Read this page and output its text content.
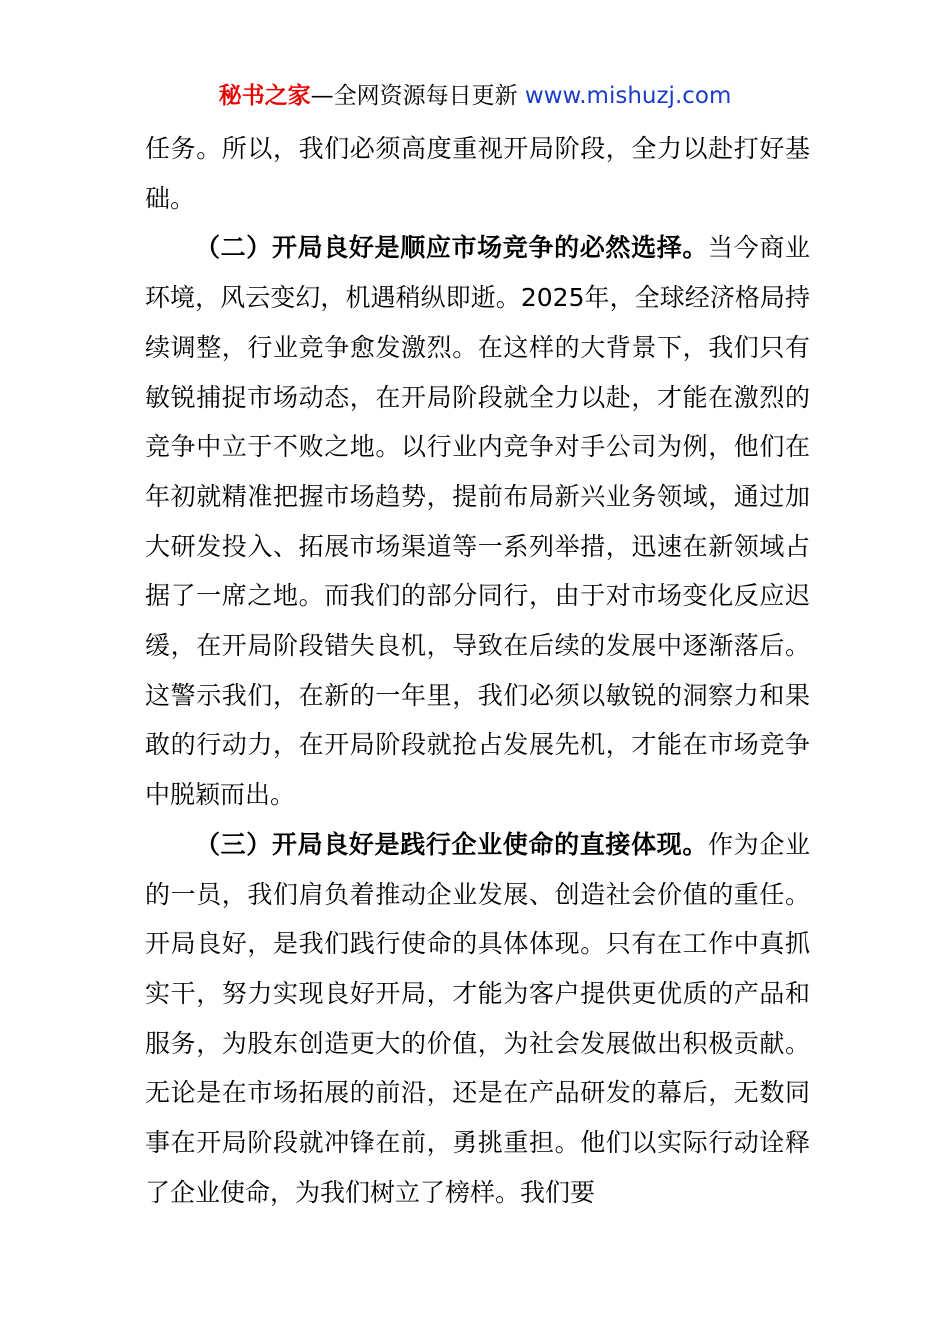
秘书之家—全网资源每日更新 www.mishuzj.com

任务。所以，我们必须高度重视开局阶段，全力以赴打好基础。

（二）开局良好是顺应市场竞争的必然选择。当今商业环境，风云变幻，机遇稍纵即逝。2025年，全球经济格局持续调整，行业竞争愈发激烈。在这样的大背景下，我们只有敏锐捕捉市场动态，在开局阶段就全力以赴，才能在激烈的竞争中立于不败之地。以行业内竞争对手公司为例，他们在年初就精准把握市场趋势，提前布局新兴业务领域，通过加大研发投入、拓展市场渠道等一系列举措，迅速在新领域占据了一席之地。而我们的部分同行，由于对市场变化反应迟缓，在开局阶段错失良机，导致在后续的发展中逐渐落后。这警示我们，在新的一年里，我们必须以敏锐的洞察力和果敢的行动力，在开局阶段就抢占发展先机，才能在市场竞争中脱颖而出。

（三）开局良好是践行企业使命的直接体现。作为企业的一员，我们肩负着推动企业发展、创造社会价值的重任。开局良好，是我们践行使命的具体体现。只有在工作中真抓实干，努力实现良好开局，才能为客户提供更优质的产品和服务，为股东创造更大的价值，为社会发展做出积极贡献。无论是在市场拓展的前沿，还是在产品研发的幕后，无数同事在开局阶段就冲锋在前，勇挑重担。他们以实际行动诠释了企业使命，为我们树立了榜样。我们要
